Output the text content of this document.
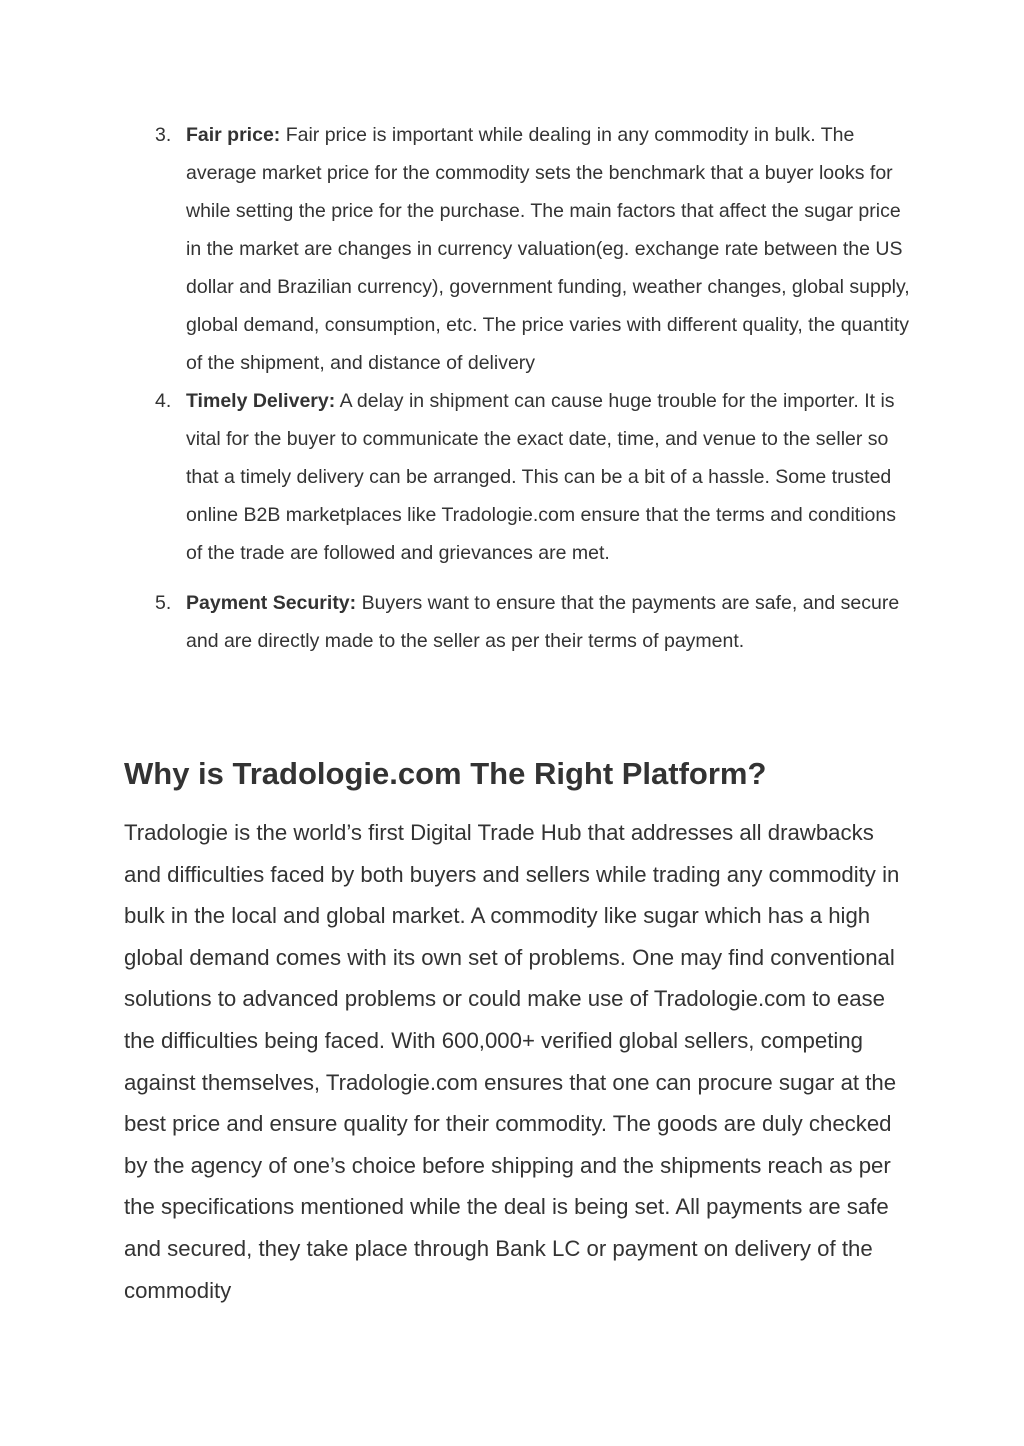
3. Fair price: Fair price is important while dealing in any commodity in bulk. The average market price for the commodity sets the benchmark that a buyer looks for while setting the price for the purchase. The main factors that affect the sugar price in the market are changes in currency valuation(eg. exchange rate between the US dollar and Brazilian currency), government funding, weather changes, global supply, global demand, consumption, etc. The price varies with different quality, the quantity of the shipment, and distance of delivery
4. Timely Delivery: A delay in shipment can cause huge trouble for the importer. It is vital for the buyer to communicate the exact date, time, and venue to the seller so that a timely delivery can be arranged. This can be a bit of a hassle. Some trusted online B2B marketplaces like Tradologie.com ensure that the terms and conditions of the trade are followed and grievances are met.
5. Payment Security: Buyers want to ensure that the payments are safe, and secure and are directly made to the seller as per their terms of payment.
Why is Tradologie.com The Right Platform?

Tradologie is the world’s first Digital Trade Hub that addresses all drawbacks and difficulties faced by both buyers and sellers while trading any commodity in bulk in the local and global market. A commodity like sugar which has a high global demand comes with its own set of problems. One may find conventional solutions to advanced problems or could make use of Tradologie.com to ease the difficulties being faced. With 600,000+ verified global sellers, competing against themselves, Tradologie.com ensures that one can procure sugar at the best price and ensure quality for their commodity. The goods are duly checked by the agency of one’s choice before shipping and the shipments reach as per the specifications mentioned while the deal is being set. All payments are safe and secured, they take place through Bank LC or payment on delivery of the commodity
